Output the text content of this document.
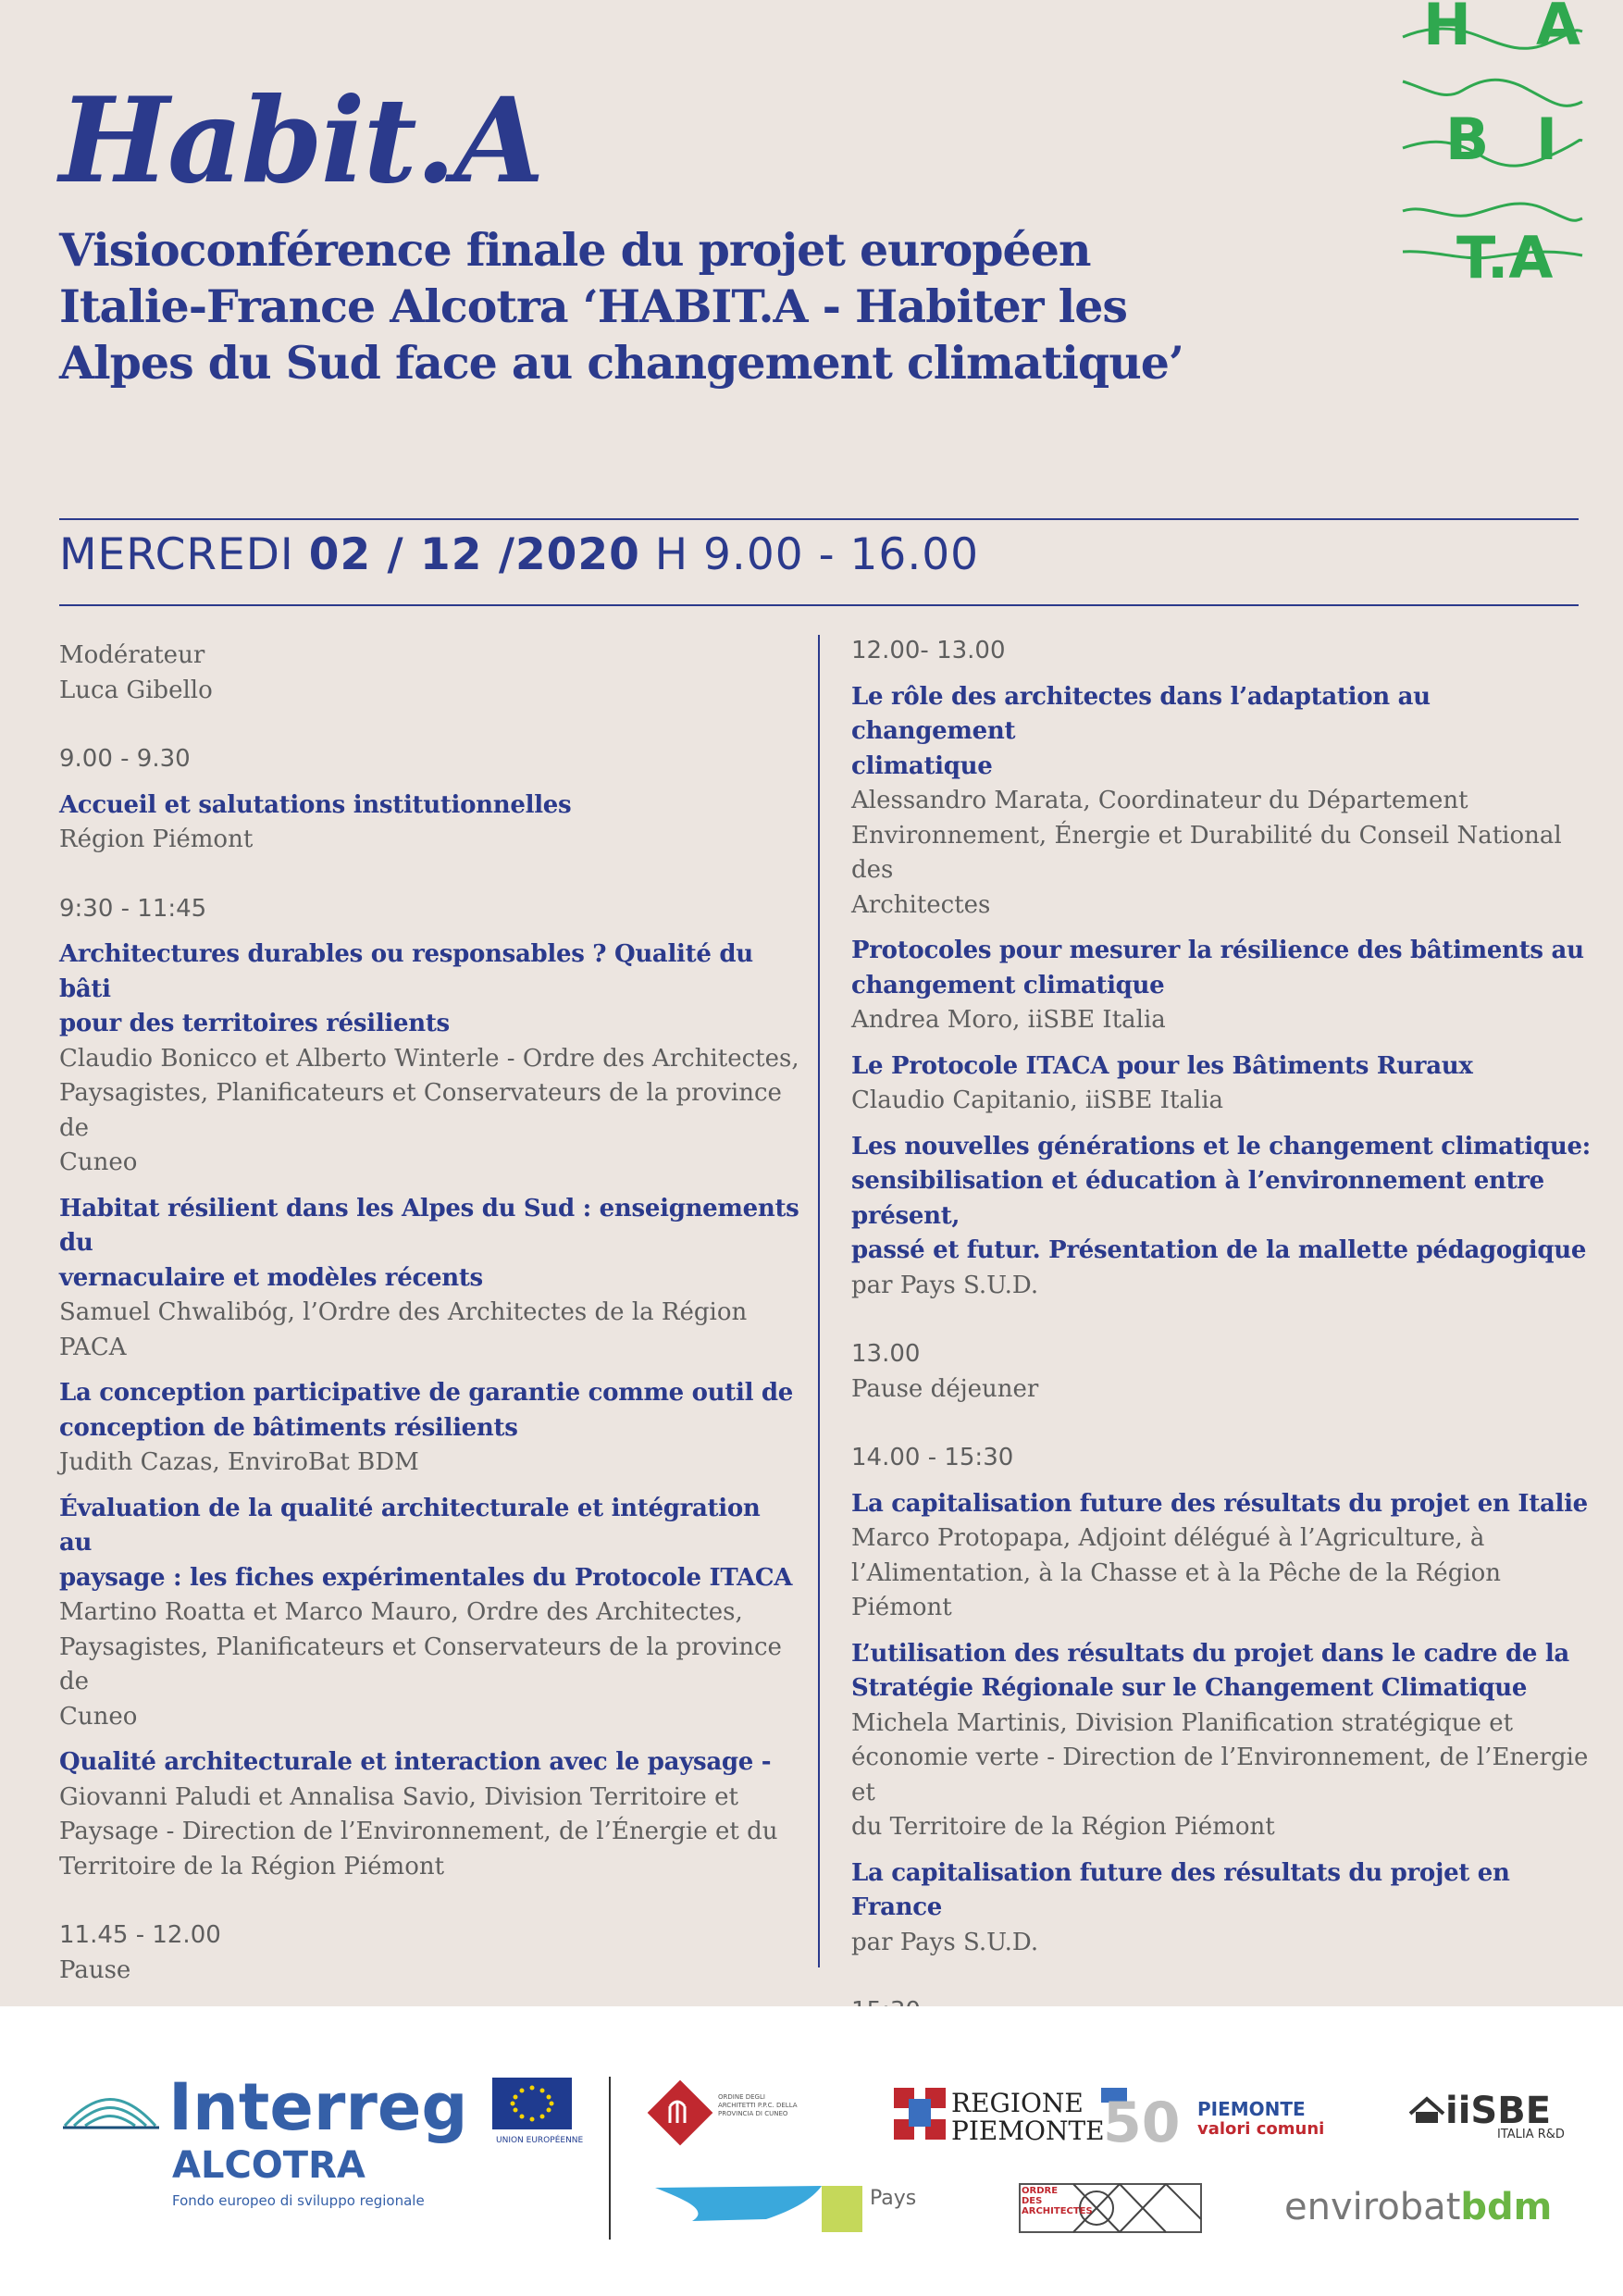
Habit.A
Visioconférence finale du projet européen
Italie-France Alcotra ‘HABIT.A - Habiter les
Alpes du Sud face au changement climatique’
H A
B I
T.A
MERCREDI 02 / 12 /2020 H 9.00 - 16.00
Modérateur
Luca Gibello
9.00 - 9.30
Accueil et salutations institutionnelles
Région Piémont
9:30 - 11:45
Architectures durables ou responsables ? Qualité du bâti
pour des territoires résilients
Claudio Bonicco et Alberto Winterle - Ordre des Architectes,
Paysagistes, Planificateurs et Conservateurs de la province de
Cuneo
Habitat résilient dans les Alpes du Sud : enseignements du
vernaculaire et modèles récents
Samuel Chwalibóg, l’Ordre des Architectes de la Région PACA
La conception participative de garantie comme outil de
conception de bâtiments résilients
Judith Cazas, EnviroBat BDM
Évaluation de la qualité architecturale et intégration au
paysage : les fiches expérimentales du Protocole ITACA
Martino Roatta et Marco Mauro, Ordre des Architectes,
Paysagistes, Planificateurs et Conservateurs de la province de
Cuneo
Qualité architecturale et interaction avec le paysage -
Giovanni Paludi et Annalisa Savio, Division Territoire et
Paysage - Direction de l’Environnement, de l’Énergie et du
Territoire de la Région Piémont
11.45 - 12.00
Pause
12.00- 13.00
Le rôle des architectes dans l’adaptation au changement
climatique
Alessandro Marata, Coordinateur du Département
Environnement, Énergie et Durabilité du Conseil National des
Architectes
Protocoles pour mesurer la résilience des bâtiments au
changement climatique
Andrea Moro, iiSBE Italia
Le Protocole ITACA pour les Bâtiments Ruraux
Claudio Capitanio, iiSBE Italia
Les nouvelles générations et le changement climatique:
sensibilisation et éducation à l’environnement entre présent,
passé et futur. Présentation de la mallette pédagogique
par Pays S.U.D.
13.00
Pause déjeuner
14.00 - 15:30
La capitalisation future des résultats du projet en Italie
Marco Protopapa, Adjoint délégué à l’Agriculture, à
l’Alimentation, à la Chasse et à la Pêche de la Région Piémont
L’utilisation des résultats du projet dans le cadre de la
Stratégie Régionale sur le Changement Climatique
Michela Martinis, Division Planification stratégique et
économie verte - Direction de l’Environnement, de l’Energie et
du Territoire de la Région Piémont
La capitalisation future des résultats du projet en France
par Pays S.U.D.
Interreg
ALCOTRA
Fondo europeo di sviluppo regionale
UNION EUROPÉENNE
ORDINE DEGLI ARCHITETTI P.P.C. DELLA PROVINCIA DI CUNEO	REGIONE
PIEMONTE
50 PIEMONTE
valori comuni	iiSBE
ITALIA R&D
Pays	ORDRE DES ARCHITECTES	envirobatbdm
